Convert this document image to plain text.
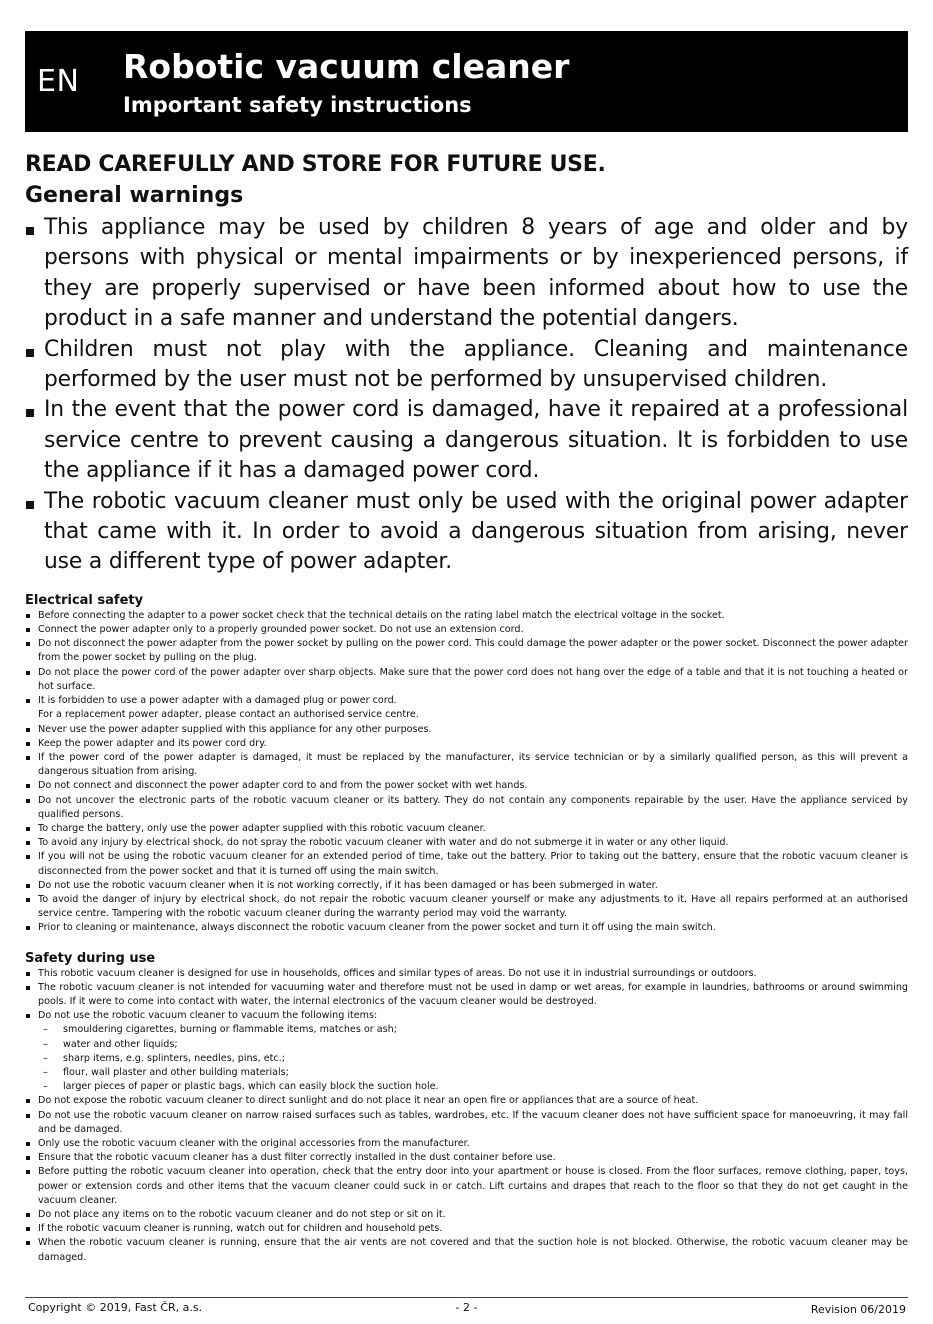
EN Robotic vacuum cleaner
Important safety instructions
READ CAREFULLY AND STORE FOR FUTURE USE.
General warnings
This appliance may be used by children 8 years of age and older and by persons with physical or mental impairments or by inexperienced persons, if they are properly supervised or have been informed about how to use the product in a safe manner and understand the potential dangers.
Children must not play with the appliance. Cleaning and maintenance performed by the user must not be performed by unsupervised children.
In the event that the power cord is damaged, have it repaired at a professional service centre to prevent causing a dangerous situation. It is forbidden to use the appliance if it has a damaged power cord.
The robotic vacuum cleaner must only be used with the original power adapter that came with it. In order to avoid a dangerous situation from arising, never use a different type of power adapter.
Electrical safety
Before connecting the adapter to a power socket check that the technical details on the rating label match the electrical voltage in the socket.
Connect the power adapter only to a properly grounded power socket. Do not use an extension cord.
Do not disconnect the power adapter from the power socket by pulling on the power cord. This could damage the power adapter or the power socket. Disconnect the power adapter from the power socket by pulling on the plug.
Do not place the power cord of the power adapter over sharp objects. Make sure that the power cord does not hang over the edge of a table and that it is not touching a heated or hot surface.
It is forbidden to use a power adapter with a damaged plug or power cord.
For a replacement power adapter, please contact an authorised service centre.
Never use the power adapter supplied with this appliance for any other purposes.
Keep the power adapter and its power cord dry.
If the power cord of the power adapter is damaged, it must be replaced by the manufacturer, its service technician or by a similarly qualified person, as this will prevent a dangerous situation from arising.
Do not connect and disconnect the power adapter cord to and from the power socket with wet hands.
Do not uncover the electronic parts of the robotic vacuum cleaner or its battery. They do not contain any components repairable by the user. Have the appliance serviced by qualified persons.
To charge the battery, only use the power adapter supplied with this robotic vacuum cleaner.
To avoid any injury by electrical shock, do not spray the robotic vacuum cleaner with water and do not submerge it in water or any other liquid.
If you will not be using the robotic vacuum cleaner for an extended period of time, take out the battery. Prior to taking out the battery, ensure that the robotic vacuum cleaner is disconnected from the power socket and that it is turned off using the main switch.
Do not use the robotic vacuum cleaner when it is not working correctly, if it has been damaged or has been submerged in water.
To avoid the danger of injury by electrical shock, do not repair the robotic vacuum cleaner yourself or make any adjustments to it. Have all repairs performed at an authorised service centre. Tampering with the robotic vacuum cleaner during the warranty period may void the warranty.
Prior to cleaning or maintenance, always disconnect the robotic vacuum cleaner from the power socket and turn it off using the main switch.
Safety during use
This robotic vacuum cleaner is designed for use in households, offices and similar types of areas. Do not use it in industrial surroundings or outdoors.
The robotic vacuum cleaner is not intended for vacuuming water and therefore must not be used in damp or wet areas, for example in laundries, bathrooms or around swimming pools. If it were to come into contact with water, the internal electronics of the vacuum cleaner would be destroyed.
Do not use the robotic vacuum cleaner to vacuum the following items:
– smouldering cigarettes, burning or flammable items, matches or ash;
– water and other liquids;
– sharp items, e.g. splinters, needles, pins, etc.;
– flour, wall plaster and other building materials;
– larger pieces of paper or plastic bags, which can easily block the suction hole.
Do not expose the robotic vacuum cleaner to direct sunlight and do not place it near an open fire or appliances that are a source of heat.
Do not use the robotic vacuum cleaner on narrow raised surfaces such as tables, wardrobes, etc. If the vacuum cleaner does not have sufficient space for manoeuvring, it may fall and be damaged.
Only use the robotic vacuum cleaner with the original accessories from the manufacturer.
Ensure that the robotic vacuum cleaner has a dust filter correctly installed in the dust container before use.
Before putting the robotic vacuum cleaner into operation, check that the entry door into your apartment or house is closed. From the floor surfaces, remove clothing, paper, toys, power or extension cords and other items that the vacuum cleaner could suck in or catch. Lift curtains and drapes that reach to the floor so that they do not get caught in the vacuum cleaner.
Do not place any items on to the robotic vacuum cleaner and do not step or sit on it.
If the robotic vacuum cleaner is running, watch out for children and household pets.
When the robotic vacuum cleaner is running, ensure that the air vents are not covered and that the suction hole is not blocked. Otherwise, the robotic vacuum cleaner may be damaged.
Copyright © 2019, Fast ČR, a.s.	- 2 -	Revision 06/2019
